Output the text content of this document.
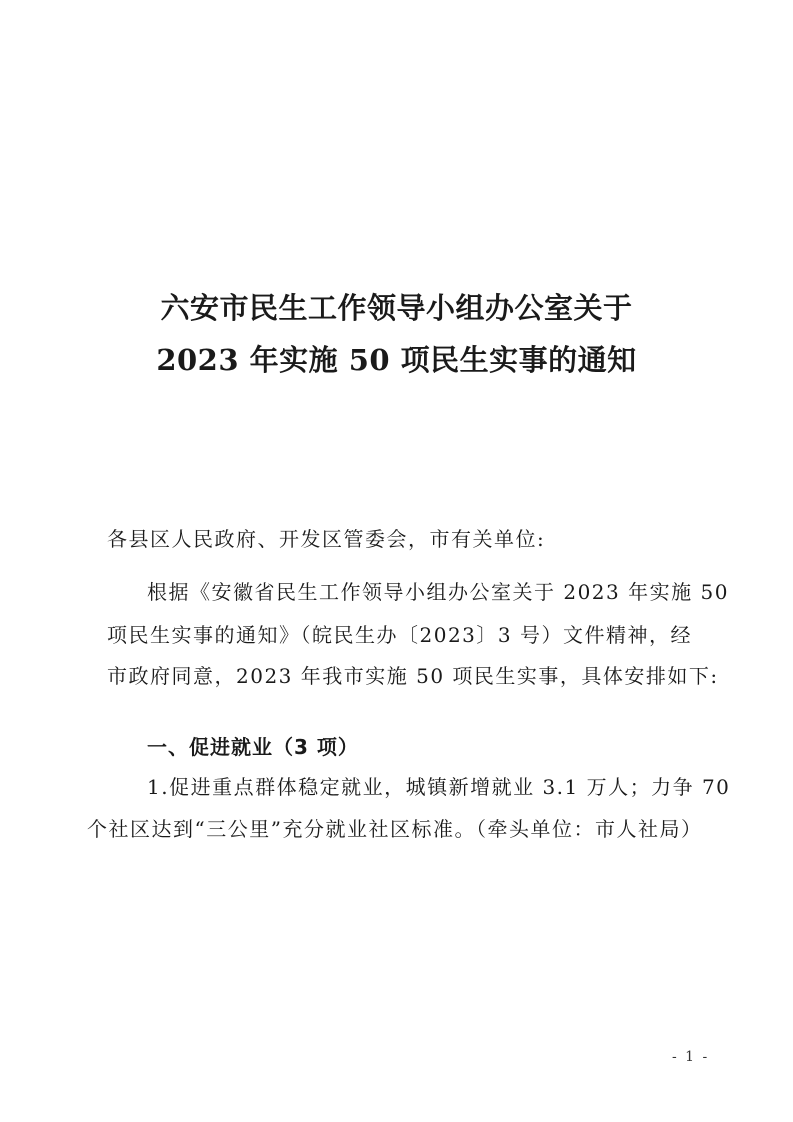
六安市民生工作领导小组办公室关于
2023 年实施 50 项民生实事的通知
各县区人民政府、开发区管委会，市有关单位:
根据《安徽省民生工作领导小组办公室关于 2023 年实施 50
项民生实事的通知》（皖民生办〔2023〕3 号）文件精神，经
市政府同意，2023 年我市实施 50 项民生实事，具体安排如下:
一、促进就业（3 项）
1.促进重点群体稳定就业，城镇新增就业 3.1 万人；力争 70
个社区达到“三公里”充分就业社区标准。（牵头单位：市人社局）
- 1 -
